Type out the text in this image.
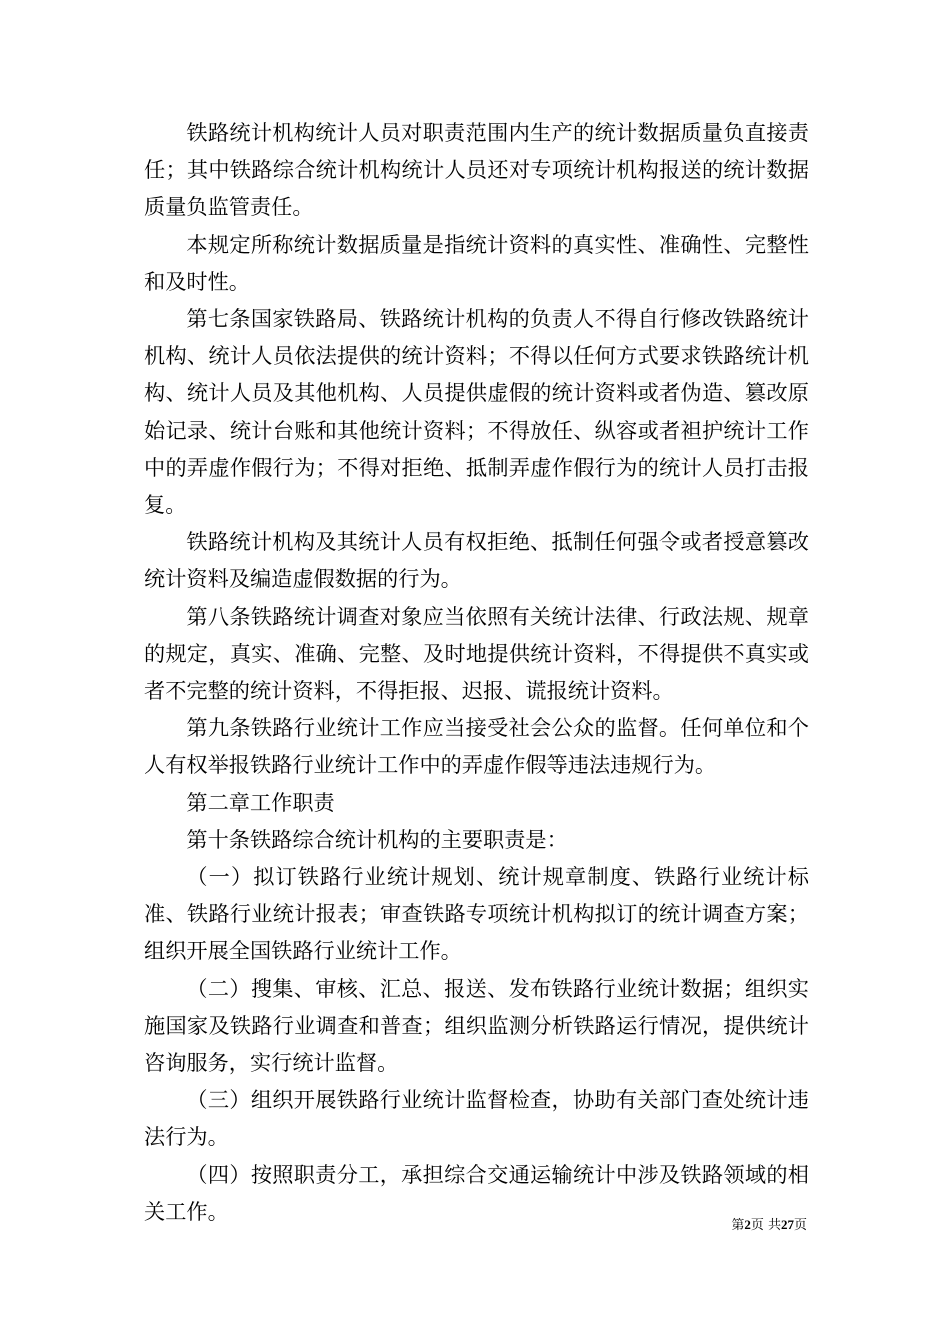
铁路统计机构统计人员对职责范围内生产的统计数据质量负直接责任；其中铁路综合统计机构统计人员还对专项统计机构报送的统计数据质量负监管责任。

本规定所称统计数据质量是指统计资料的真实性、准确性、完整性和及时性。

第七条国家铁路局、铁路统计机构的负责人不得自行修改铁路统计机构、统计人员依法提供的统计资料；不得以任何方式要求铁路统计机构、统计人员及其他机构、人员提供虚假的统计资料或者伪造、篡改原始记录、统计台账和其他统计资料；不得放任、纵容或者袒护统计工作中的弄虚作假行为；不得对拒绝、抵制弄虚作假行为的统计人员打击报复。

铁路统计机构及其统计人员有权拒绝、抵制任何强令或者授意篡改统计资料及编造虚假数据的行为。

第八条铁路统计调查对象应当依照有关统计法律、行政法规、规章的规定，真实、准确、完整、及时地提供统计资料，不得提供不真实或者不完整的统计资料，不得拒报、迟报、谎报统计资料。

第九条铁路行业统计工作应当接受社会公众的监督。任何单位和个人有权举报铁路行业统计工作中的弄虚作假等违法违规行为。

第二章工作职责

第十条铁路综合统计机构的主要职责是：

（一）拟订铁路行业统计规划、统计规章制度、铁路行业统计标准、铁路行业统计报表；审查铁路专项统计机构拟订的统计调查方案；组织开展全国铁路行业统计工作。

（二）搜集、审核、汇总、报送、发布铁路行业统计数据；组织实施国家及铁路行业调查和普查；组织监测分析铁路运行情况，提供统计咨询服务，实行统计监督。

（三）组织开展铁路行业统计监督检查，协助有关部门查处统计违法行为。

（四）按照职责分工，承担综合交通运输统计中涉及铁路领域的相关工作。

第2页 共27页
